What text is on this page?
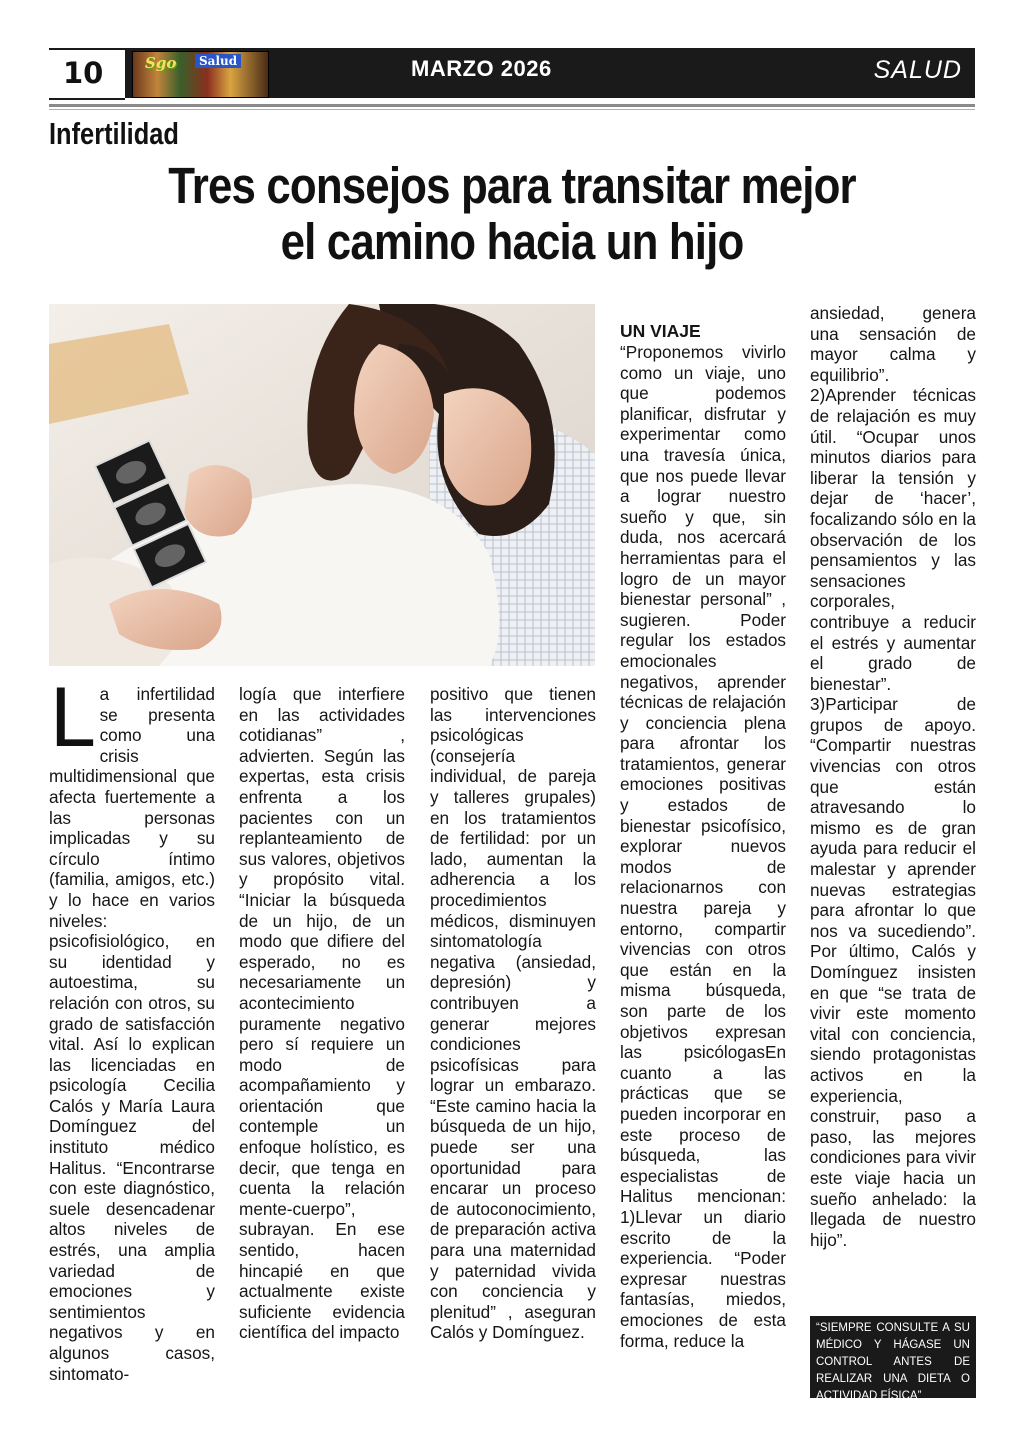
10	Sgo	Salud	MARZO 2026	SALUD
Infertilidad
Tres consejos para transitar mejor
el camino hacia un hijo
L a infertilidad se presenta como una crisis multidimensional que afecta fuertemente a las personas implicadas y su círculo íntimo (familia, amigos, etc.) y lo hace en varios niveles: psicofisiológico, en su identidad y autoestima, su relación con otros, su grado de satisfacción vital. Así lo explican las licenciadas en psicología Cecilia Calós y María Laura Domínguez del instituto médico Halitus. “Encontrarse con este diagnóstico, suele desencadenar altos niveles de estrés, una amplia variedad de emociones y sentimientos negativos y en algunos casos, sintomato-

logía que interfiere en las actividades cotidianas” , advierten. Según las expertas, esta crisis enfrenta a los pacientes con un replanteamiento de sus valores, objetivos y propósito vital. “Iniciar la búsqueda de un hijo, de un modo que difiere del esperado, no es necesariamente un acontecimiento puramente negativo pero sí requiere un modo de acompañamiento y orientación que contemple un enfoque holístico, es decir, que tenga en cuenta la relación mente-cuerpo”, subrayan. En ese sentido, hacen hincapié en que actualmente existe suficiente evidencia científica del impacto

positivo que tienen las intervenciones psicológicas (consejería individual, de pareja y talleres grupales) en los tratamientos de fertilidad: por un lado, aumentan la adherencia a los procedimientos médicos, disminuyen sintomatología negativa (ansiedad, depresión) y contribuyen a generar mejores condiciones psicofísicas para lograr un embarazo. “Este camino hacia la búsqueda de un hijo, puede ser una oportunidad para encarar un proceso de autoconocimiento, de preparación activa para una maternidad y paternidad vivida con conciencia y plenitud” , aseguran Calós y Domínguez.

UN VIAJE

“Proponemos vivirlo como un viaje, uno que podemos planificar, disfrutar y experimentar como una travesía única, que nos puede llevar a lograr nuestro sueño y que, sin duda, nos acercará herramientas para el logro de un mayor bienestar personal” , sugieren. Poder regular los estados emocionales negativos, aprender técnicas de relajación y conciencia plena para afrontar los tratamientos, generar emociones positivas y estados de bienestar psicofísico, explorar nuevos modos de relacionarnos con nuestra pareja y entorno, compartir vivencias con otros que están en la misma búsqueda, son parte de los objetivos expresan las psicólogasEn cuanto a las prácticas que se pueden incorporar en este proceso de búsqueda, las especialistas de Halitus mencionan: 1)Llevar un diario escrito de la experiencia. “Poder expresar nuestras fantasías, miedos, emociones de esta forma, reduce la

ansiedad, genera una sensación de mayor calma y equilibrio”. 2)Aprender técnicas de relajación es muy útil. “Ocupar unos minutos diarios para liberar la tensión y dejar de ‘hacer’, focalizando sólo en la observación de los pensamientos y las sensaciones corporales, contribuye a reducir el estrés y aumentar el grado de bienestar”. 3)Participar de grupos de apoyo. “Compartir nuestras vivencias con otros que están atravesando lo mismo es de gran ayuda para reducir el malestar y aprender nuevas estrategias para afrontar lo que nos va sucediendo”. Por último, Calós y Domínguez insisten en que “se trata de vivir este momento vital con conciencia, siendo protagonistas activos en la experiencia, construir, paso a paso, las mejores condiciones para vivir este viaje hacia un sueño anhelado: la llegada de nuestro hijo”.

“SIEMPRE CONSULTE A SU MÉDICO Y HÁGASE UN CONTROL ANTES DE REALIZAR UNA DIETA O ACTIVIDAD FÍSICA”
